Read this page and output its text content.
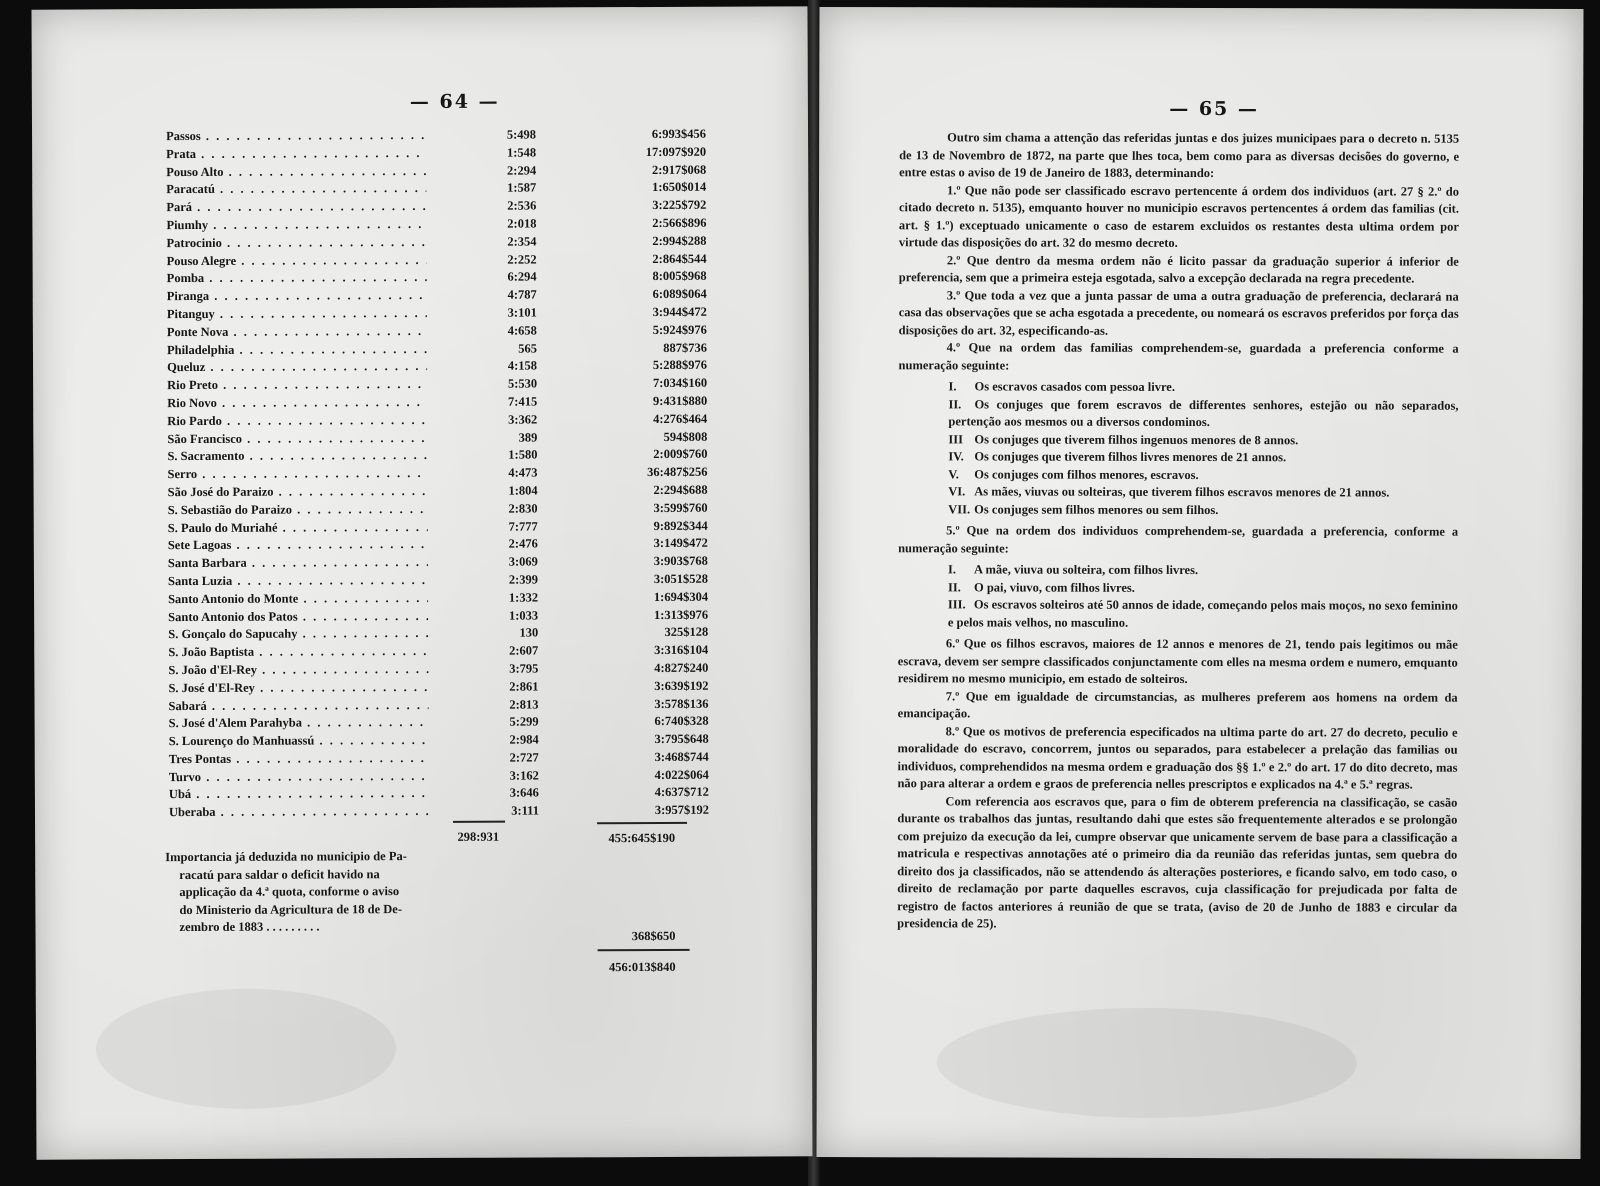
— 64 —
Passos . . .	5:498	6:993$456
Prata . . .	1:548	17:097$920
Pouso Alto . . .	2:294	2:917$068
Paracatú . . .	1:587	1:650$014
Pará . . .	2:536	3:225$792
Piumhy . . .	2:018	2:566$896
Patrocinio . . .	2:354	2:994$288
Pouso Alegre . . .	2:252	2:864$544
Pomba . . .	6:294	8:005$968
Piranga . . .	4:787	6:089$064
Pitanguy . . .	3:101	3:944$472
Ponte Nova . . .	4:658	5:924$976
Philadelphia . . .	565	887$736
Queluz . . .	4:158	5:288$976
Rio Preto . . .	5:530	7:034$160
Rio Novo . . .	7:415	9:431$880
Rio Pardo . . .	3:362	4:276$464
São Francisco . . .	389	594$808
S. Sacramento . . .	1:580	2:009$760
Serro . . .	4:473	36:487$256
São José do Paraizo . . .	1:804	2:294$688
S. Sebastião do Paraizo . . .	2:830	3:599$760
S. Paulo do Muriahé . . .	7:777	9:892$344
Sete Lagoas . . .	2:476	3:149$472
Santa Barbara . . .	3:069	3:903$768
Santa Luzia . . .	2:399	3:051$528
Santo Antonio do Monte . . .	1:332	1:694$304
Santo Antonio dos Patos . . .	1:033	1:313$976
S. Gonçalo do Sapucahy . . .	130	325$128
S. João Baptista . . .	2:607	3:316$104
S. João d'El-Rey . . .	3:795	4:827$240
S. José d'El-Rey . . .	2:861	3:639$192
Sabará . . .	2:813	3:578$136
S. José d'Alem Parahyba . . .	5:299	6:740$328
S. Lourenço do Manhuassú . . .	2:984	3:795$648
Tres Pontas . . .	2:727	3:468$744
Turvo . . .	3:162	4:022$064
Ubá . . .	3:646	4:637$712
Uberaba . . .	3:111	3:957$192
298:931	455:645$190
Importancia já deduzida no municipio de Pa-

racatú para saldar o deficit havido na
applicação da 4.ª quota, conforme o aviso
do Ministerio da Agricultura de 18 de De-
zembro de 1883 . . . . . . . . .
368$650
456:013$840
— 65 —

Outro sim chama a attenção das referidas juntas e dos juizes municipaes para o decreto n. 5135 de 13 de Novembro de 1872, na parte que lhes toca, bem como para as diversas decisões do governo, e entre estas o aviso de 19 de Janeiro de 1883, determinando:

1.º Que não pode ser classificado escravo pertencente á ordem dos individuos (art. 27 § 2.º do citado decreto n. 5135), emquanto houver no municipio escravos pertencentes á ordem das familias (cit. art. § 1.º) exceptuado unicamente o caso de estarem excluidos os restantes desta ultima ordem por virtude das disposições do art. 32 do mesmo decreto.

2.º Que dentro da mesma ordem não é licito passar da graduação superior á inferior de preferencia, sem que a primeira esteja esgotada, salvo a excepção declarada na regra precedente.

3.º Que toda a vez que a junta passar de uma a outra graduação de preferencia, declarará na casa das observações que se acha esgotada a precedente, ou nomeará os escravos preferidos por força das disposições do art. 32, especificando-as.

4.º Que na ordem das familias comprehendem-se, guardada a preferencia conforme a numeração seguinte:

I. Os escravos casados com pessoa livre.

II. Os conjuges que forem escravos de differentes senhores, estejão ou não separados, pertenção aos mesmos ou a diversos condominos.

III Os conjuges que tiverem filhos ingenuos menores de 8 annos.

IV. Os conjuges que tiverem filhos livres menores de 21 annos.

V. Os conjuges com filhos menores, escravos.

VI. As mães, viuvas ou solteiras, que tiverem filhos escravos menores de 21 annos.

VII. Os conjuges sem filhos menores ou sem filhos.

5.º Que na ordem dos individuos comprehendem-se, guardada a preferencia, conforme a numeração seguinte:

I. A mãe, viuva ou solteira, com filhos livres.

II. O pai, viuvo, com filhos livres.

III. Os escravos solteiros até 50 annos de idade, começando pelos mais moços, no sexo feminino e pelos mais velhos, no masculino.

6.º Que os filhos escravos, maiores de 12 annos e menores de 21, tendo pais legitimos ou mãe escrava, devem ser sempre classificados conjunctamente com elles na mesma ordem e numero, emquanto residirem no mesmo municipio, em estado de solteiros.

7.º Que em igualdade de circumstancias, as mulheres preferem aos homens na ordem da emancipação.

8.º Que os motivos de preferencia especificados na ultima parte do art. 27 do decreto, peculio e moralidade do escravo, concorrem, juntos ou separados, para estabelecer a prelação das familias ou individuos, comprehendidos na mesma ordem e graduação dos §§ 1.º e 2.º do art. 17 do dito decreto, mas não para alterar a ordem e graos de preferencia nelles prescriptos e explicados na 4.ª e 5.ª regras.

Com referencia aos escravos que, para o fim de obterem preferencia na classificação, se casão durante os trabalhos das juntas, resultando dahi que estes são frequentemente alterados e se prolongão com prejuizo da execução da lei, cumpre observar que unicamente servem de base para a classificação a matricula e respectivas annotações até o primeiro dia da reunião das referidas juntas, sem quebra do direito dos ja classificados, não se attendendo ás alterações posteriores, e ficando salvo, em todo caso, o direito de reclamação por parte daquelles escravos, cuja classificação for prejudicada por falta de registro de factos anteriores á reunião de que se trata, (aviso de 20 de Junho de 1883 e circular da presidencia de 25).
